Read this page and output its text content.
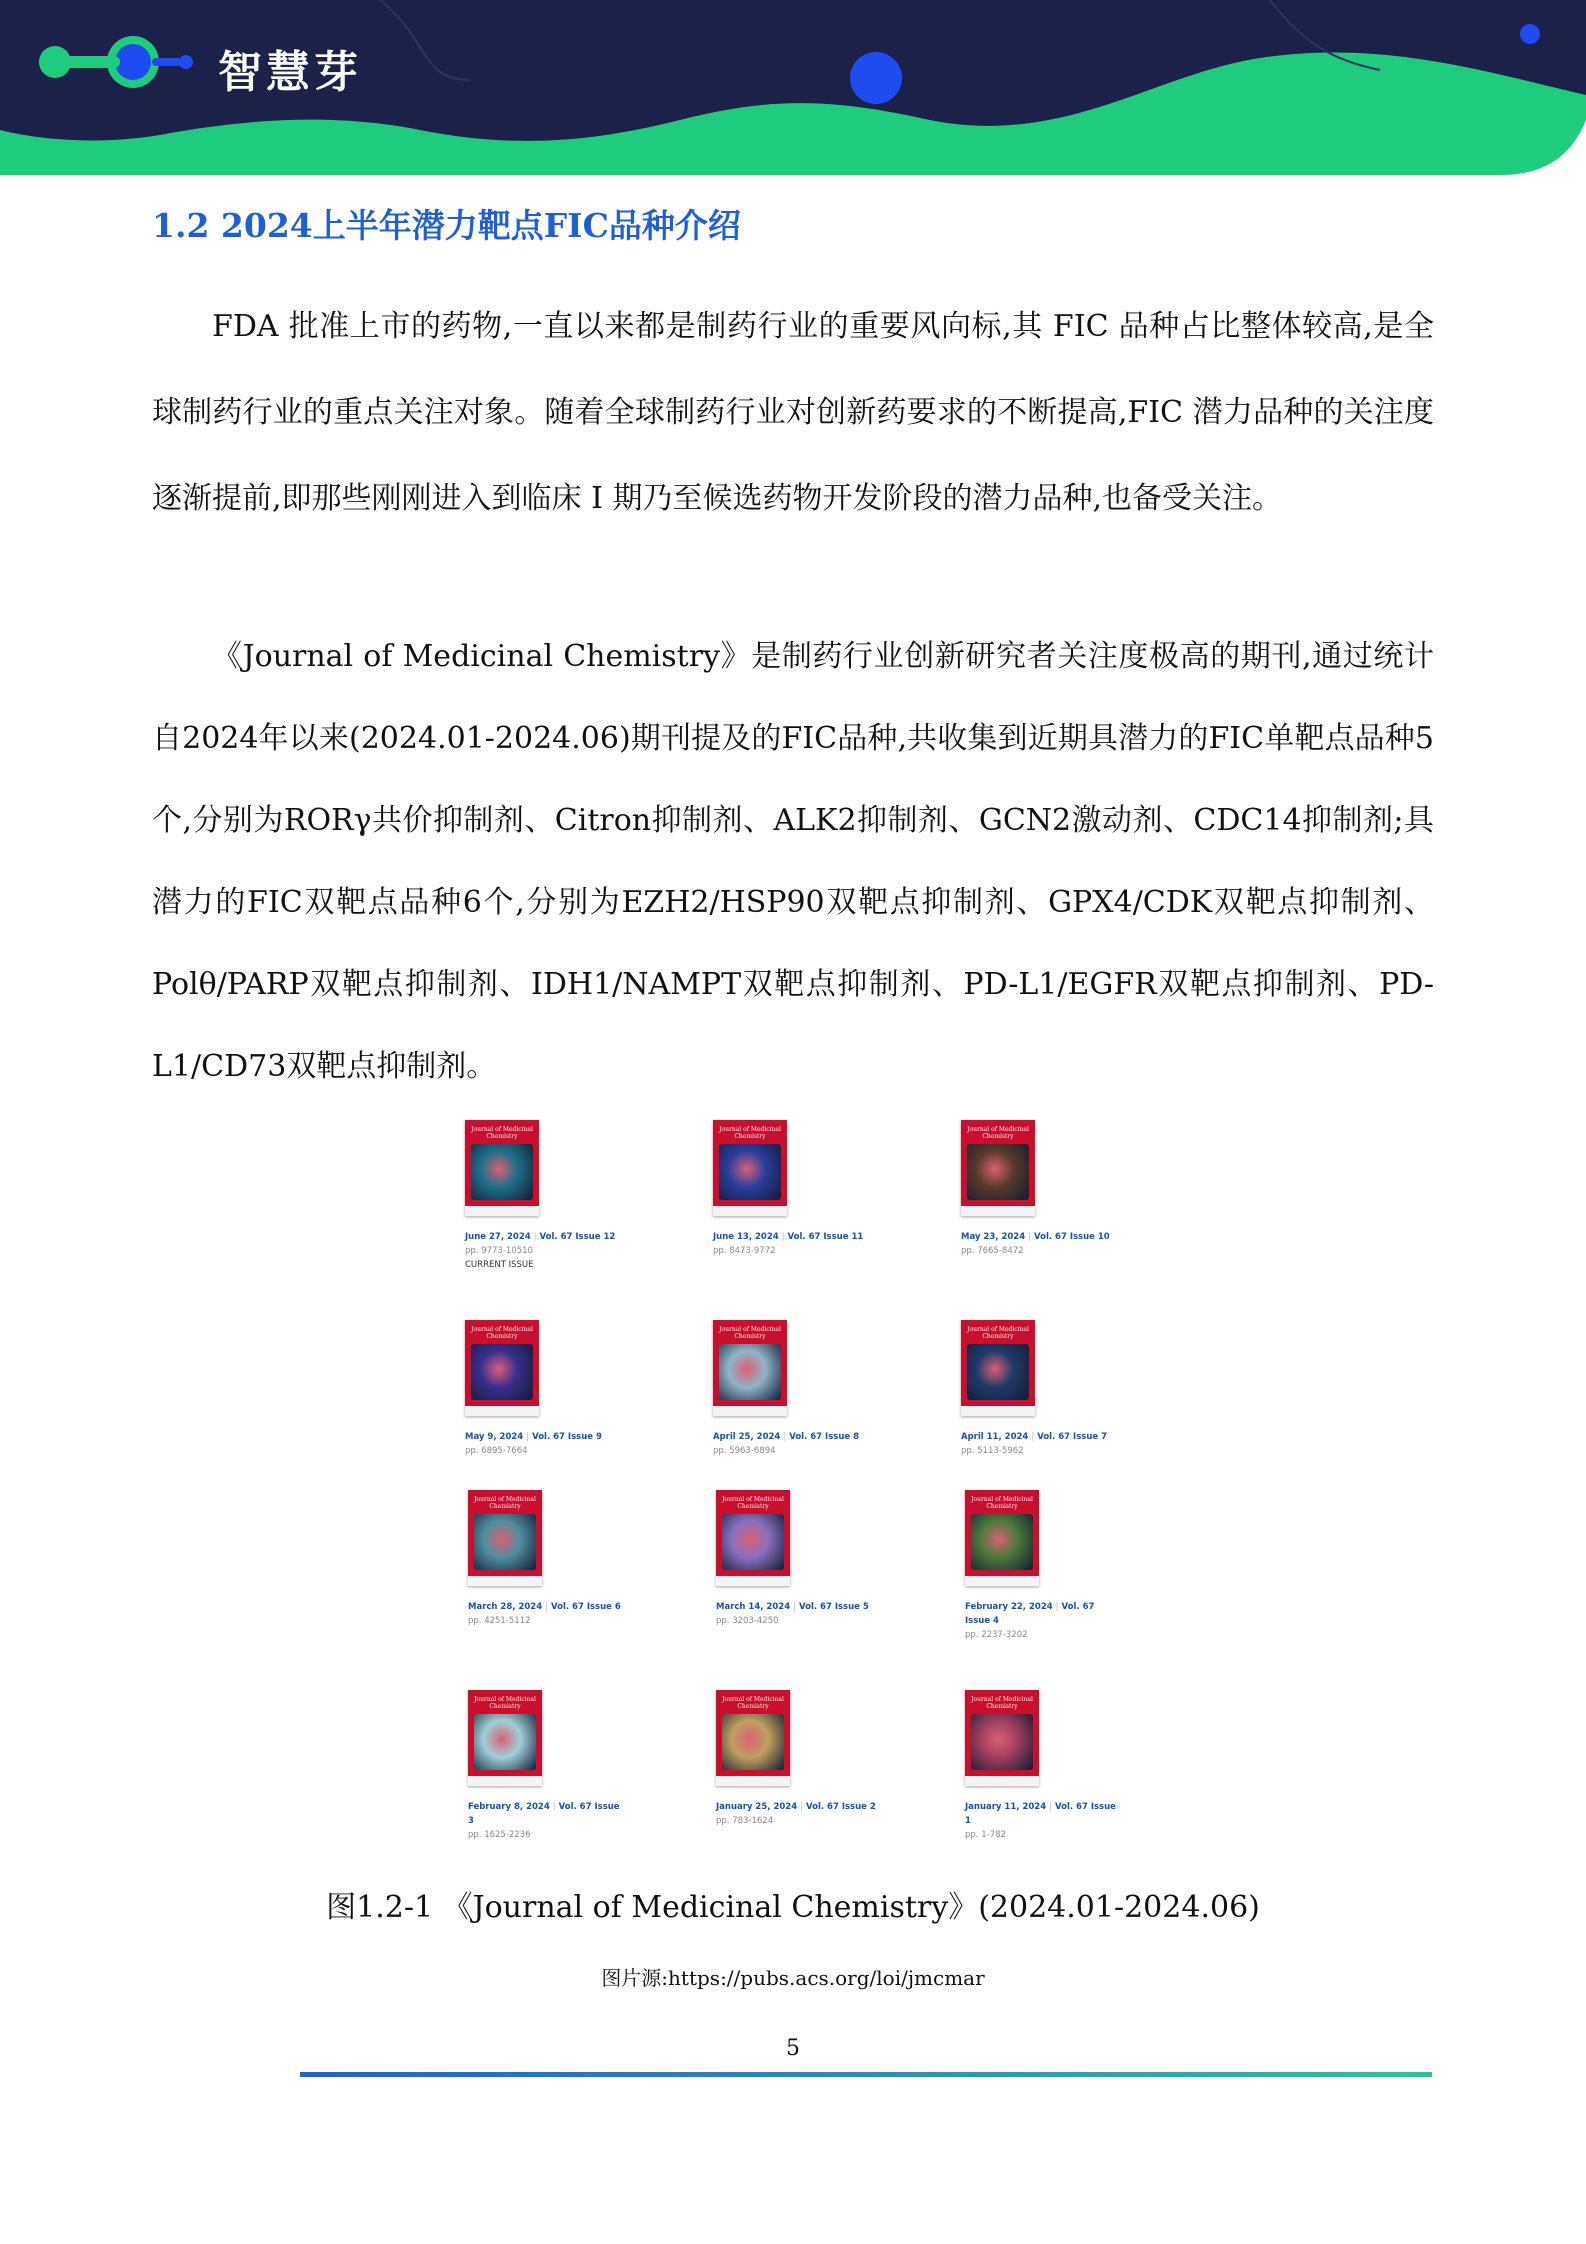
智慧芽
1.2 2024上半年潜力靶点FIC品种介绍
FDA 批准上市的药物,一直以来都是制药行业的重要风向标,其 FIC 品种占比整体较高,是全球制药行业的重点关注对象。随着全球制药行业对创新药要求的不断提高,FIC 潜力品种的关注度逐渐提前,即那些刚刚进入到临床 I 期乃至候选药物开发阶段的潜力品种,也备受关注。
《Journal of Medicinal Chemistry》是制药行业创新研究者关注度极高的期刊,通过统计自2024年以来(2024.01-2024.06)期刊提及的FIC品种,共收集到近期具潜力的FIC单靶点品种5个,分别为RORγ共价抑制剂、Citron抑制剂、ALK2抑制剂、GCN2激动剂、CDC14抑制剂;具潜力的FIC双靶点品种6个,分别为EZH2/HSP90双靶点抑制剂、GPX4/CDK双靶点抑制剂、Polθ/PARP双靶点抑制剂、IDH1/NAMPT双靶点抑制剂、PD-L1/EGFR双靶点抑制剂、PD-L1/CD73双靶点抑制剂。
Journal of Medicinal Chemistry
June 27, 2024 | Vol. 67 Issue 12
pp. 9773-10510
CURRENT ISSUE
Journal of Medicinal Chemistry
June 13, 2024 | Vol. 67 Issue 11
pp. 8473-9772
Journal of Medicinal Chemistry
May 23, 2024 | Vol. 67 Issue 10
pp. 7665-8472
Journal of Medicinal Chemistry
May 9, 2024 | Vol. 67 Issue 9
pp. 6895-7664
Journal of Medicinal Chemistry
April 25, 2024 | Vol. 67 Issue 8
pp. 5963-6894
Journal of Medicinal Chemistry
April 11, 2024 | Vol. 67 Issue 7
pp. 5113-5962
Journal of Medicinal Chemistry
March 28, 2024 | Vol. 67 Issue 6
pp. 4251-5112
Journal of Medicinal Chemistry
March 14, 2024 | Vol. 67 Issue 5
pp. 3203-4250
Journal of Medicinal Chemistry
February 22, 2024 | Vol. 67 Issue 4
pp. 2237-3202
Journal of Medicinal Chemistry
February 8, 2024 | Vol. 67 Issue 3
pp. 1625-2236
Journal of Medicinal Chemistry
January 25, 2024 | Vol. 67 Issue 2
pp. 783-1624
Journal of Medicinal Chemistry
January 11, 2024 | Vol. 67 Issue 1
pp. 1-782
图1.2-1 《Journal of Medicinal Chemistry》(2024.01-2024.06)
图片源:https://pubs.acs.org/loi/jmcmar
5
